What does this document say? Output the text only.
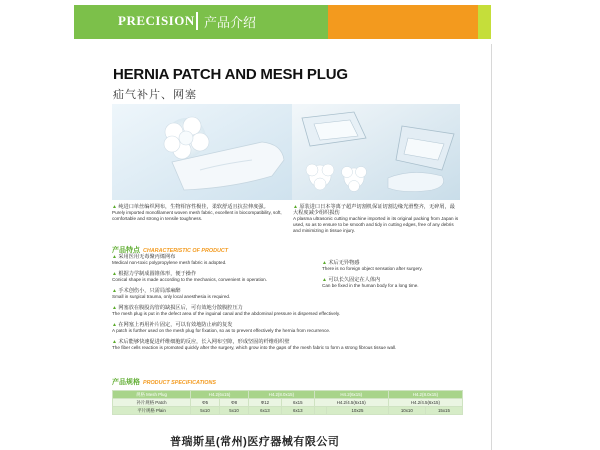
PRECISION 产品介绍
HERNIA PATCH AND MESH PLUG
疝气补片、网塞
▲ 纯进口单丝编织网布，生物相容性极佳，柔软舒适且抗拉伸度强。
Purely imported monofilament woven mesh fabric, excellent in biocompatibility, soft, comfortable and strong in tensile toughness.
▲ 原装进口日本等离子超声切割机保证切割边缘光滑整齐，无碎屑，最大程度减少组织损伤
A plasma ultrasonic cutting machine imported in its original packing from Japan is used, so as to ensure to be smooth and tidy in cutting edges, free of any debris and minimizing in tissue injury.
产品特点 CHARACTERISTIC OF PRODUCT
▲ 采用医用无毒聚丙烯网布
Medical non-toxic polypropylene mesh fabric is adopted.	▲ 术后无异物感
There is no foreign object sensation after surgery.
▲ 根据力学制成圆锥体形，便于操作
Conical shape is made according to the mechanics, convenient in operation.	▲ 可以长久固定在人体内
Can be fixed in the human body for a long time.
▲ 手术创伤小，只需局部麻醉
Small in surgical trauma, only local anesthesia is required.
▲ 网塞放在腹股沟管的缺损区后，可有效地分散腹腔压力
The mesh plug is put in the defect area of the inguinal canal and the abdominal pressure is dispersed effectively.
▲ 在网塞上再用补片固定，可以有效地防止病的复发
A patch is further used on the mesh plug for fixation, so as to prevent effectively the hernia from recurrence.
▲ 术后能够快速促进纤维细胞的反应，长入网布空隙，形成坚固的纤维组织壁
The fiber cells reaction is promoted quickly after the surgery, which grow into the gaps of the mesh fabric to form a strong fibrous tissue wall.
产品规格 PRODUCT SPECIFICATIONS
规格 Mesh Plug	H4.2(6x15)		H4.2(8.0x15)		H4.2(6x15)		H4.2(8.0x15)	
补片规格 Patch	Φ5	Φ8	Φ12	6x15	H4.2/4.5(6x15)		H4.2/4.5(6x15)	
平片规格 Plain	5x10	5x10	6x13	6x13		10x25	10x10	15x15
普瑞斯星(常州)医疗器械有限公司
